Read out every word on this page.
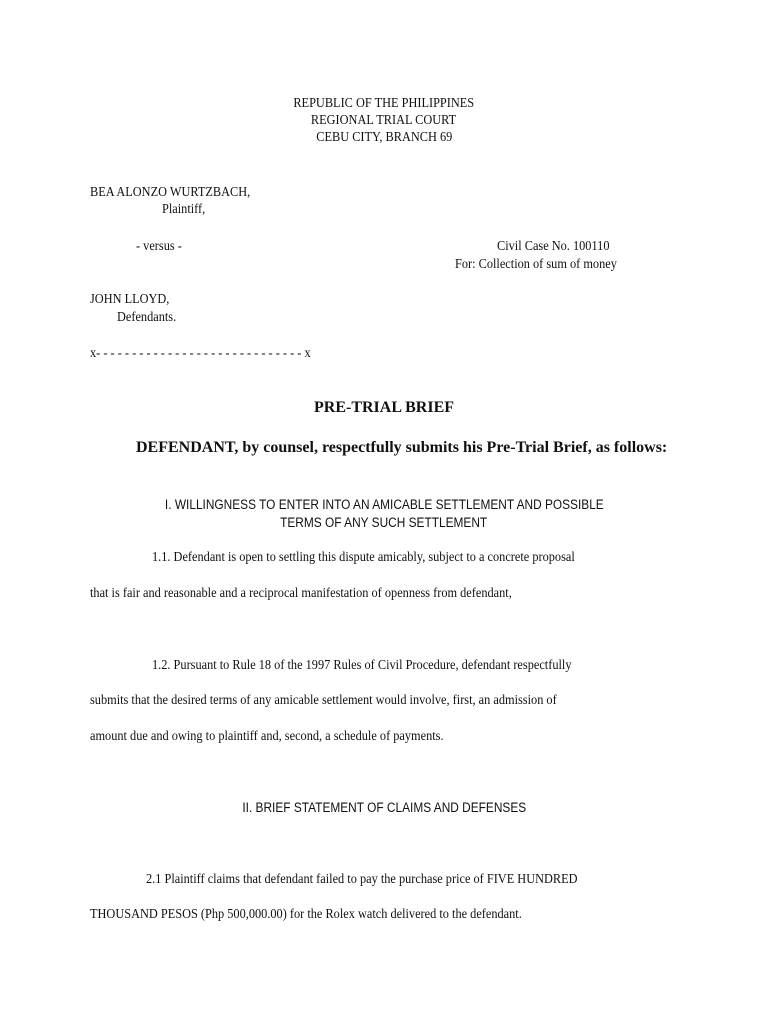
REPUBLIC OF THE PHILIPPINES
REGIONAL TRIAL COURT
CEBU CITY, BRANCH 69
BEA ALONZO WURTZBACH,
Plaintiff,
- versus -	Civil Case No. 100110
For: Collection of sum of money
JOHN LLOYD,
Defendants.
x- - - - - - - - - - - - - - - - - - - - - - - - - - - - - x
PRE-TRIAL BRIEF
DEFENDANT, by counsel, respectfully submits his Pre-Trial Brief, as follows:
I. WILLINGNESS TO ENTER INTO AN AMICABLE SETTLEMENT AND POSSIBLE
TERMS OF ANY SUCH SETTLEMENT
1.1. Defendant is open to settling this dispute amicably, subject to a concrete proposal
that is fair and reasonable and a reciprocal manifestation of openness from defendant,
1.2. Pursuant to Rule 18 of the 1997 Rules of Civil Procedure, defendant respectfully
submits that the desired terms of any amicable settlement would involve, first, an admission of
amount due and owing to plaintiff and, second, a schedule of payments.
II. BRIEF STATEMENT OF CLAIMS AND DEFENSES
2.1 Plaintiff claims that defendant failed to pay the purchase price of FIVE HUNDRED
THOUSAND PESOS (Php 500,000.00) for the Rolex watch delivered to the defendant.
